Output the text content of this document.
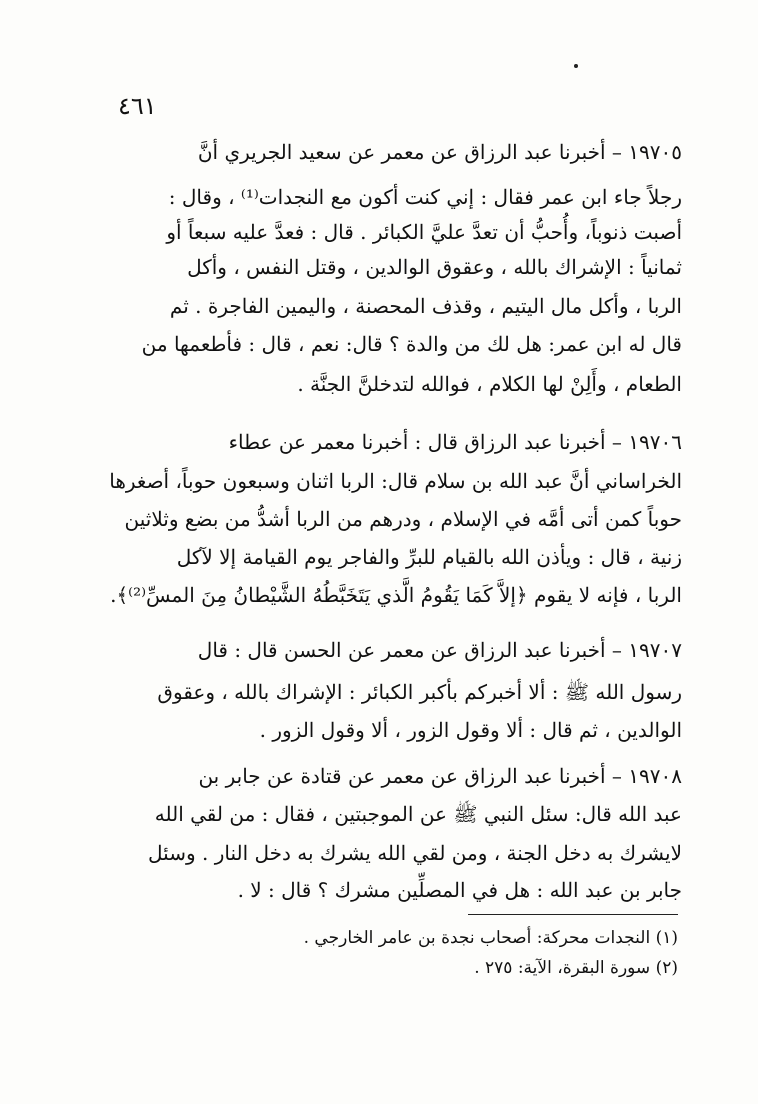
٤٦١
١٩٧٠٥ – أخبرنا عبد الرزاق عن معمر عن سعيد الجريري أنَّ
رجلاً جاء ابن عمر فقال : إني كنت أكون مع النجدات⁽¹⁾ ، وقال :
أصبت ذنوباً، وأُحبُّ أن تعدَّ عليَّ الكبائر . قال : فعدَّ عليه سبعاً أو
ثمانياً : الإشراك بالله ، وعقوق الوالدين ، وقتل النفس ، وأكل
الربا ، وأكل مال اليتيم ، وقذف المحصنة ، واليمين الفاجرة . ثم
قال له ابن عمر: هل لك من والدة ؟ قال: نعم ، قال : فأطعمها من
الطعام ، وأَلِنْ لها الكلام ، فوالله لتدخلنَّ الجنَّة .
١٩٧٠٦ – أخبرنا عبد الرزاق قال : أخبرنا معمر عن عطاء
الخراساني أنَّ عبد الله بن سلام قال: الربا اثنان وسبعون حوباً، أصغرها
حوباً كمن أتى أمَّه في الإسلام ، ودرهم من الربا أشدُّ من بضع وثلاثين
زنية ، قال : ويأذن الله بالقيام للبرِّ والفاجر يوم القيامة إلا لآكل
الربا ، فإنه لا يقوم ﴿إلاَّ كَمَا يَقُومُ الَّذي يَتَخَبَّطُهُ الشَّيْطانُ مِنَ المسِّ⁽²⁾﴾.
١٩٧٠٧ – أخبرنا عبد الرزاق عن معمر عن الحسن قال : قال
رسول الله ﷺ : ألا أخبركم بأكبر الكبائر : الإشراك بالله ، وعقوق
الوالدين ، ثم قال : ألا وقول الزور ، ألا وقول الزور .
١٩٧٠٨ – أخبرنا عبد الرزاق عن معمر عن قتادة عن جابر بن
عبد الله قال: سئل النبي ﷺ عن الموجبتين ، فقال : من لقي الله
لايشرك به دخل الجنة ، ومن لقي الله يشرك به دخل النار . وسئل
جابر بن عبد الله : هل في المصلِّين مشرك ؟ قال : لا .
(١) النجدات محركة: أصحاب نجدة بن عامر الخارجي .
(٢) سورة البقرة، الآية: ٢٧٥ .
